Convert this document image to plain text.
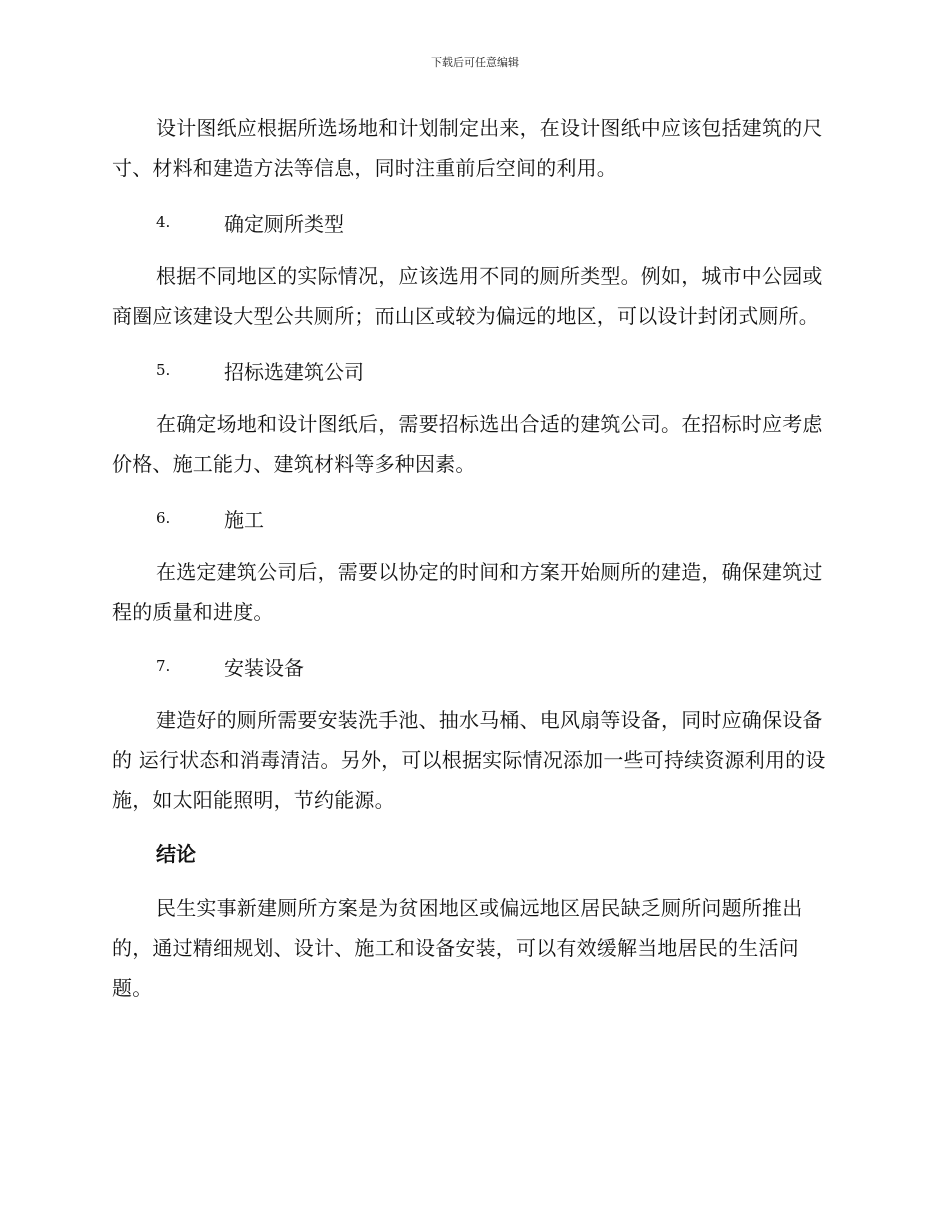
下载后可任意编辑

设计图纸应根据所选场地和计划制定出来，在设计图纸中应该包括建筑的尺寸、材料和建造方法等信息，同时注重前后空间的利用。

4.	确定厕所类型

根据不同地区的实际情况，应该选用不同的厕所类型。例如，城市中公园或商圈应该建设大型公共厕所；而山区或较为偏远的地区，可以设计封闭式厕所。

5.	招标选建筑公司

在确定场地和设计图纸后，需要招标选出合适的建筑公司。在招标时应考虑价格、施工能力、建筑材料等多种因素。

6.	施工

在选定建筑公司后，需要以协定的时间和方案开始厕所的建造，确保建筑过程的质量和进度。

7.	安装设备

建造好的厕所需要安装洗手池、抽水马桶、电风扇等设备，同时应确保设备的 运行状态和消毒清洁。另外，可以根据实际情况添加一些可持续资源利用的设施，如太阳能照明，节约能源。

结论

民生实事新建厕所方案是为贫困地区或偏远地区居民缺乏厕所问题所推出的，通过精细规划、设计、施工和设备安装，可以有效缓解当地居民的生活问题。
